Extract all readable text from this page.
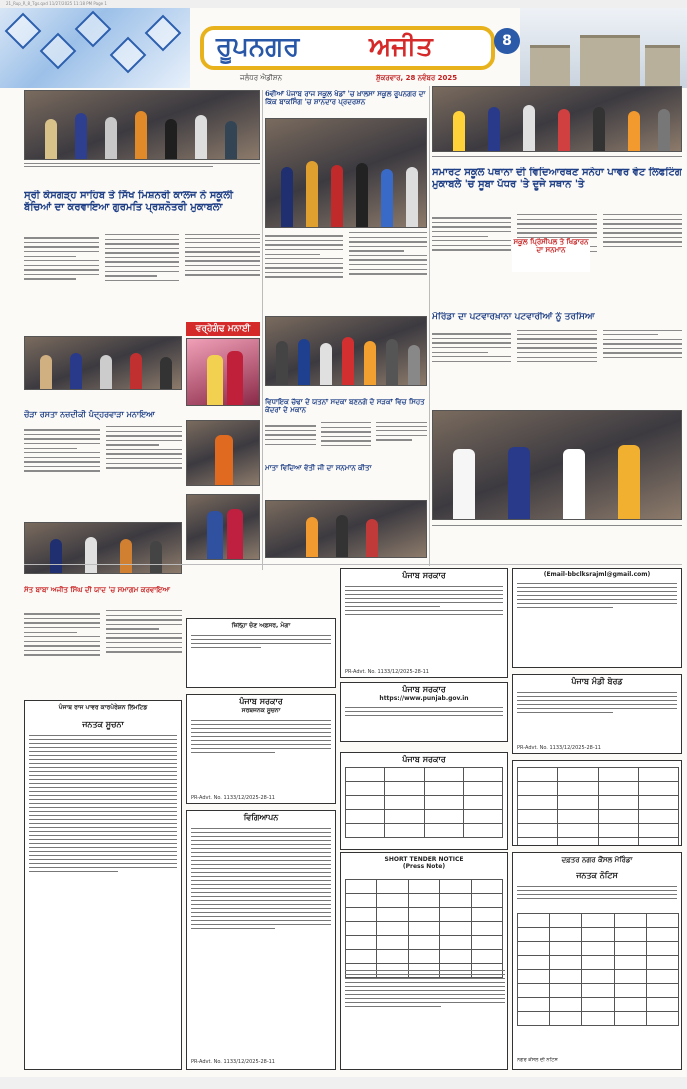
21_Rup_R_8_Tgs.qxd 11/27/2025 11:18 PM Page 1
ਰੂਪਨਗਰ	ਅਜੀਤ	8
ਜਲੰਧਰ ਐਡੀਸ਼ਨ	ਸ਼ੁੱਕਰਵਾਰ, 28 ਨਵੰਬਰ 2025
6ਵੀਆਂ ਪੰਜਾਬ ਰਾਜ ਸਕੂਲ ਖੇਡਾਂ 'ਚ ਖ਼ਾਲਸਾ ਸਕੂਲ ਰੂਪਨਗਰ ਦਾ ਕਿੱਕ ਬਾਕਸਿੰਗ 'ਚ ਸ਼ਾਨਦਾਰ ਪ੍ਰਦਰਸ਼ਨ
ਸ੍ਰੀ ਕੇਸਗੜ੍ਹ ਸਾਹਿਬ ਤੇ ਸਿੱਖ ਮਿਸ਼ਨਰੀ ਕਾਲਜ ਨੇ ਸਕੂਲੀ ਬੱਚਿਆਂ ਦਾ ਕਰਵਾਇਆ ਗੁਰਮਤਿ ਪ੍ਰਸ਼ਨੋਤਰੀ ਮੁਕਾਬਲਾ
ਸਮਾਰਟ ਸਕੂਲ ਪਥਾਨਾ ਦੀ ਵਿਦਿਆਰਥਣ ਸਨੇਹਾ ਪਾਵਰ ਵੇਟ ਲਿਫਟਿੰਗ ਮੁਕਾਬਲੇ 'ਚ ਸੂਬਾ ਪੱਧਰ 'ਤੇ ਦੂਜੇ ਸਥਾਨ 'ਤੇ
ਸਕੂਲ ਪ੍ਰਿੰਸੀਪਲ ਤੇ ਖਿਡਾਰਨ ਦਾ ਸਨਮਾਨ
ਵਰ੍ਹੇਗੰਢ ਮਨਾਈ
ਮੋਰਿੰਡਾ ਦਾ ਪਟਵਾਰਖ਼ਾਨਾ ਪਟਵਾਰੀਆਂ ਨੂੰ ਤਰਸਿਆ
ਚੌੜਾ ਰਸਤਾ ਨਜ਼ਦੀਕੀ ਪੰਦ੍ਹਰਵਾੜਾ ਮਨਾਇਆ
ਵਿਧਾਇਕ ਚੱਢਾ ਦੇ ਯਤਨਾਂ ਸਦਕਾ ਬਣਨਗੇ ਦੋ ਸੜਕਾਂ ਵਿਚ ਸਿਹਤ ਕੇਂਦਰਾਂ ਦੇ ਮਕਾਨ
ਮਾਤਾ ਵਿਦਿਆ ਵੰਤੀ ਜੀ ਦਾ ਸਨਮਾਨ ਕੀਤਾ
ਸੰਤ ਬਾਬਾ ਅਜੀਤ ਸਿੰਘ ਦੀ ਯਾਦ 'ਚ ਸਮਾਗਮ ਕਰਵਾਇਆ
ਪੰਜਾਬ ਸਰਕਾਰ
PR-Advt. No. 1133/12/2025-28-11
(Email-bbclksrajml@gmail.com)
ਜ਼ਿਲ੍ਹਾ ਚੋਣ ਅਫ਼ਸਰ, ਮੋਗਾ
ਪੰਜਾਬ ਰਾਜ ਪਾਵਰ ਕਾਰਪੋਰੇਸ਼ਨ ਲਿਮਟਿਡ
ਜਨਤਕ ਸੂਚਨਾ
ਪੰਜਾਬ ਸਰਕਾਰ
ਸਰਬਜਨਕ ਸੂਚਨਾ
PR-Advt. No. 1133/12/2025-28-11
ਪੰਜਾਬ ਸਰਕਾਰ
https://www.punjab.gov.in
ਪੰਜਾਬ ਮੰਡੀ ਬੋਰਡ
PR-Advt. No. 1133/12/2025-28-11
ਪੰਜਾਬ ਸਰਕਾਰ

ਵਿਗਿਆਪਨ
PR-Advt. No. 1133/12/2025-28-11
SHORT TENDER NOTICE
(Press Note)

ਦਫ਼ਤਰ ਨਗਰ ਕੌਂਸਲ ਮੋਰਿੰਡਾ
ਜਨਤਕ ਨੋਟਿਸ

ਨਗਰ ਕੌਂਸਲ ਦੀ ਨੋਟਿਸ
